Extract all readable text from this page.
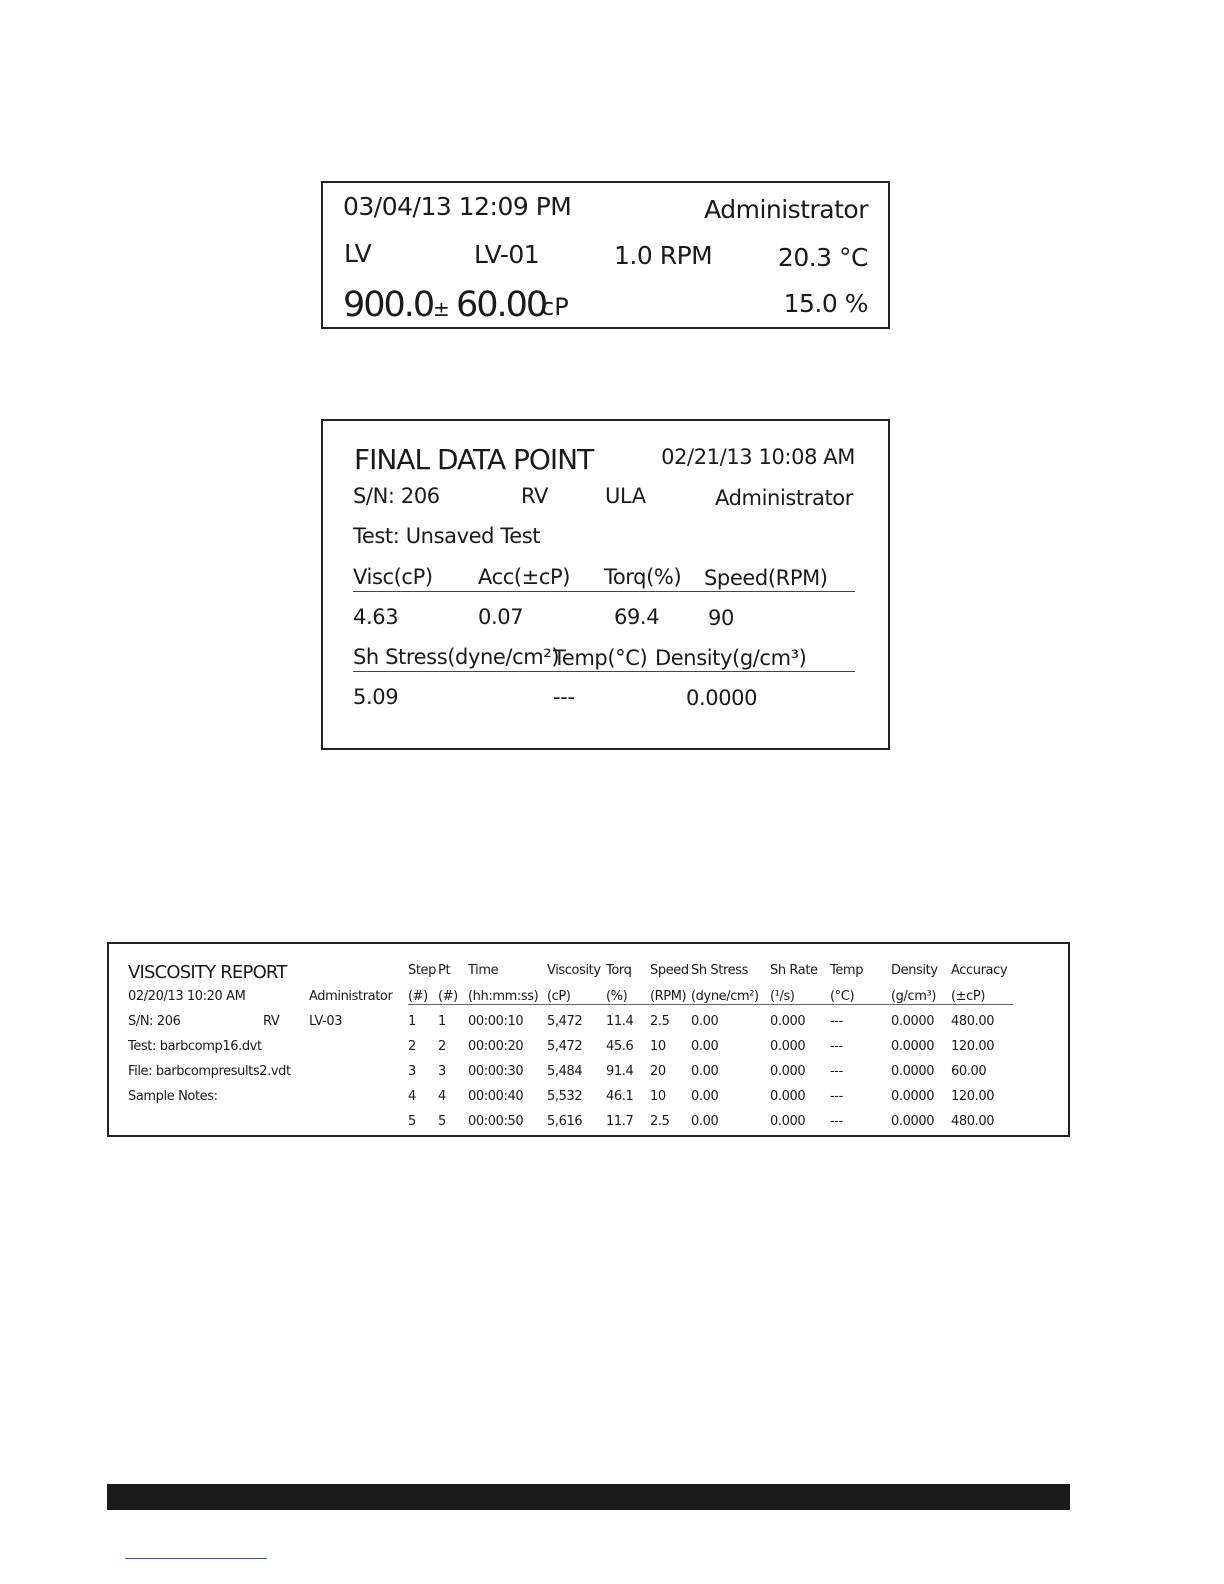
03/04/13 12:09 PM	Administrator
LV	LV-01	1.0 RPM	20.3 °C
900.0 ± 60.00
cP	15.0 %
FINAL DATA POINT	02/21/13 10:08 AM
S/N: 206	RV	ULA	Administrator
Test: Unsaved Test
Visc(cP) Acc(±cP) Torq(%) Speed(RPM)
4.63	0.07	69.4 90
Sh Stress(dyne/cm²)
Temp(°C) Density(g/cm³)
5.09	---	0.0000
VISCOSITY REPORT
02/20/13 10:20 AM	Administrator
S/N: 206	RV LV-03
Test: barbcomp16.dvt
File: barbcompresults2.vdt
Sample Notes:
Step Pt Time	Viscosity Torq Speed Sh Stress Sh Rate Temp Density Accuracy
(#) (#) (hh:mm:ss) (cP)	(%) (RPM) (dyne/cm²) (¹/s)	(°C)	(g/cm³) (±cP)
1 1 00:00:10 5,472 11.4 2.5 0.00	0.000 ---	0.0000 480.00
2 2 00:00:20 5,472 45.6 10 0.00	0.000 ---	0.0000 120.00
3 3 00:00:30 5,484 91.4 20 0.00	0.000 ---	0.0000 60.00
4 4 00:00:40 5,532 46.1 10 0.00	0.000 ---	0.0000 120.00
5 5 00:00:50 5,616 11.7 2.5 0.00	0.000 ---	0.0000 480.00
